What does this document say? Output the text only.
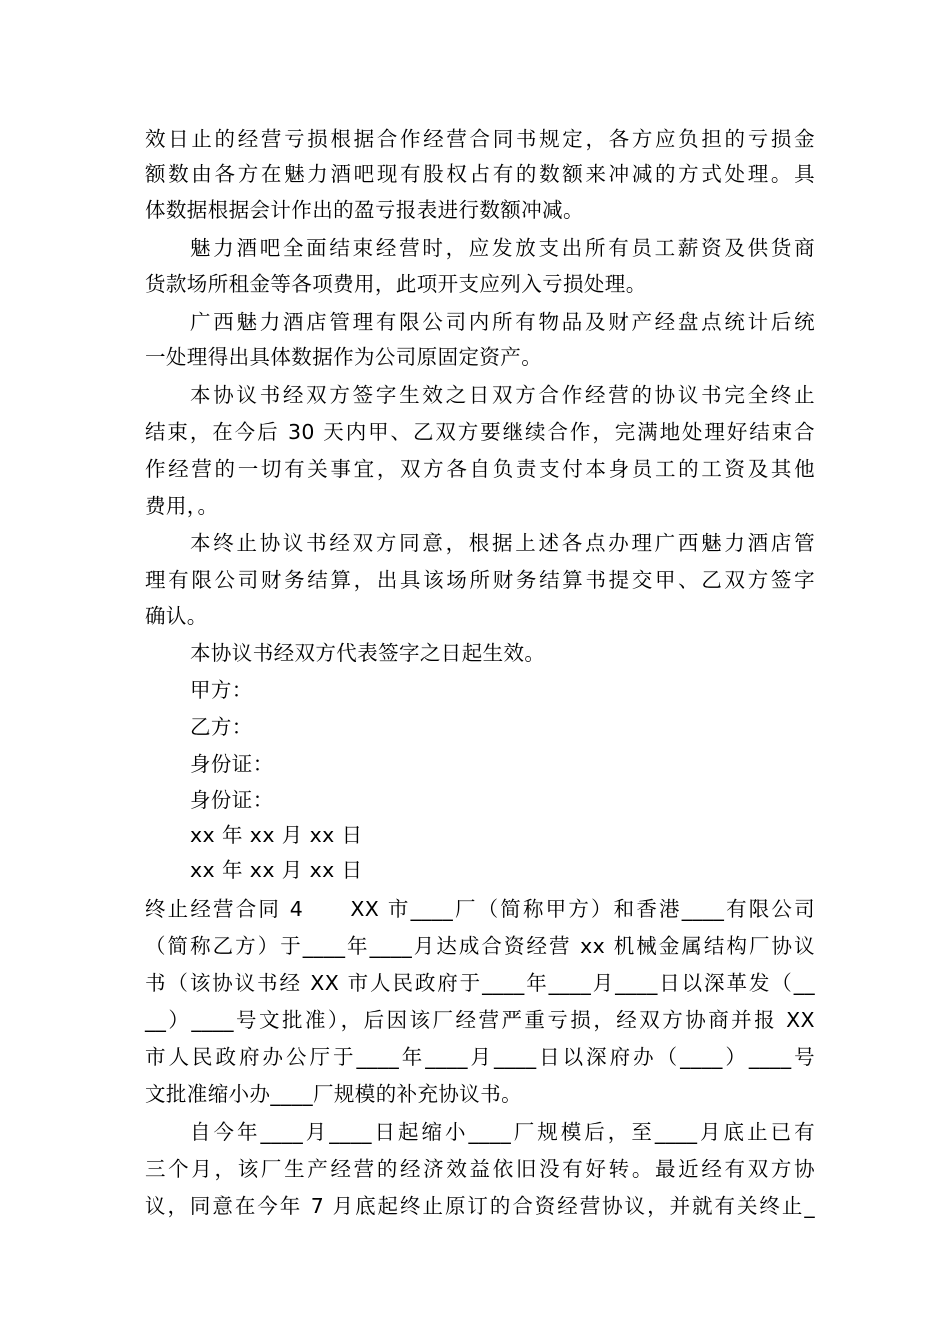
效日止的经营亏损根据合作经营合同书规定，各方应负担的亏损金
额数由各方在魅力酒吧现有股权占有的数额来冲减的方式处理。具
体数据根据会计作出的盈亏报表进行数额冲减。
魅力酒吧全面结束经营时，应发放支出所有员工薪资及供货商
货款场所租金等各项费用，此项开支应列入亏损处理。
广西魅力酒店管理有限公司内所有物品及财产经盘点统计后统
一处理得出具体数据作为公司原固定资产。
本协议书经双方签字生效之日双方合作经营的协议书完全终止
结束，在今后 30 天内甲、乙双方要继续合作，完满地处理好结束合
作经营的一切有关事宜，双方各自负责支付本身员工的工资及其他
费用，。
本终止协议书经双方同意，根据上述各点办理广西魅力酒店管
理有限公司财务结算，出具该场所财务结算书提交甲、乙双方签字
确认。
本协议书经双方代表签字之日起生效。
甲方：
乙方：
身份证：
身份证：
xx 年 xx 月 xx 日
xx 年 xx 月 xx 日
终止经营合同 4　　XX 市____厂（简称甲方）和香港____有限公司
（简称乙方）于____年____月达成合资经营 xx 机械金属结构厂协议
书（该协议书经 XX 市人民政府于____年____月____日以深革发（__
__）____号文批准），后因该厂经营严重亏损，经双方协商并报 XX
市人民政府办公厅于____年____月____日以深府办（____）____号
文批准缩小办____厂规模的补充协议书。
自今年____月____日起缩小____厂规模后，至____月底止已有
三个月，该厂生产经营的经济效益依旧没有好转。最近经有双方协
议，同意在今年 7 月底起终止原订的合资经营协议，并就有关终止_
